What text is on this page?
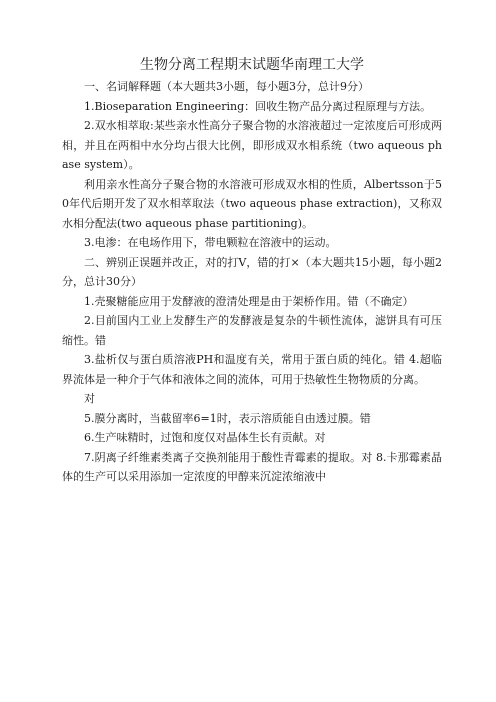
生物分离工程期末试题华南理工大学

一、名词解释题（本大题共3小题，每小题3分，总计9分）

1.Bioseparation Engineering：回收生物产品分离过程原理与方法。

2.双水相萃取:某些亲水性高分子聚合物的水溶液超过一定浓度后可形成两相，并且在两相中水分均占很大比例，即形成双水相系统（two aqueous phase system）。

利用亲水性高分子聚合物的水溶液可形成双水相的性质，Albertsson于50年代后期开发了双水相萃取法（two aqueous phase extraction)，又称双水相分配法(two aqueous phase partitioning)。

3.电渗：在电场作用下，带电颗粒在溶液中的运动。

二、辨别正误题并改正，对的打V，错的打×（本大题共15小题，每小题2分，总计30分）

1.壳聚糖能应用于发酵液的澄清处理是由于架桥作用。错（不确定）

2.目前国内工业上发酵生产的发酵液是复杂的牛顿性流体，滤饼具有可压缩性。错

3.盐析仅与蛋白质溶液PH和温度有关，常用于蛋白质的纯化。错 4.超临界流体是一种介于气体和液体之间的流体，可用于热敏性生物物质的分离。

对

5.膜分离时，当截留率6=1时，表示溶质能自由透过膜。错

6.生产味精时，过饱和度仅对晶体生长有贡献。对

7.阴离子纤维素类离子交换剂能用于酸性青霉素的提取。对 8.卡那霉素晶体的生产可以采用添加一定浓度的甲醇来沉淀浓缩液中
